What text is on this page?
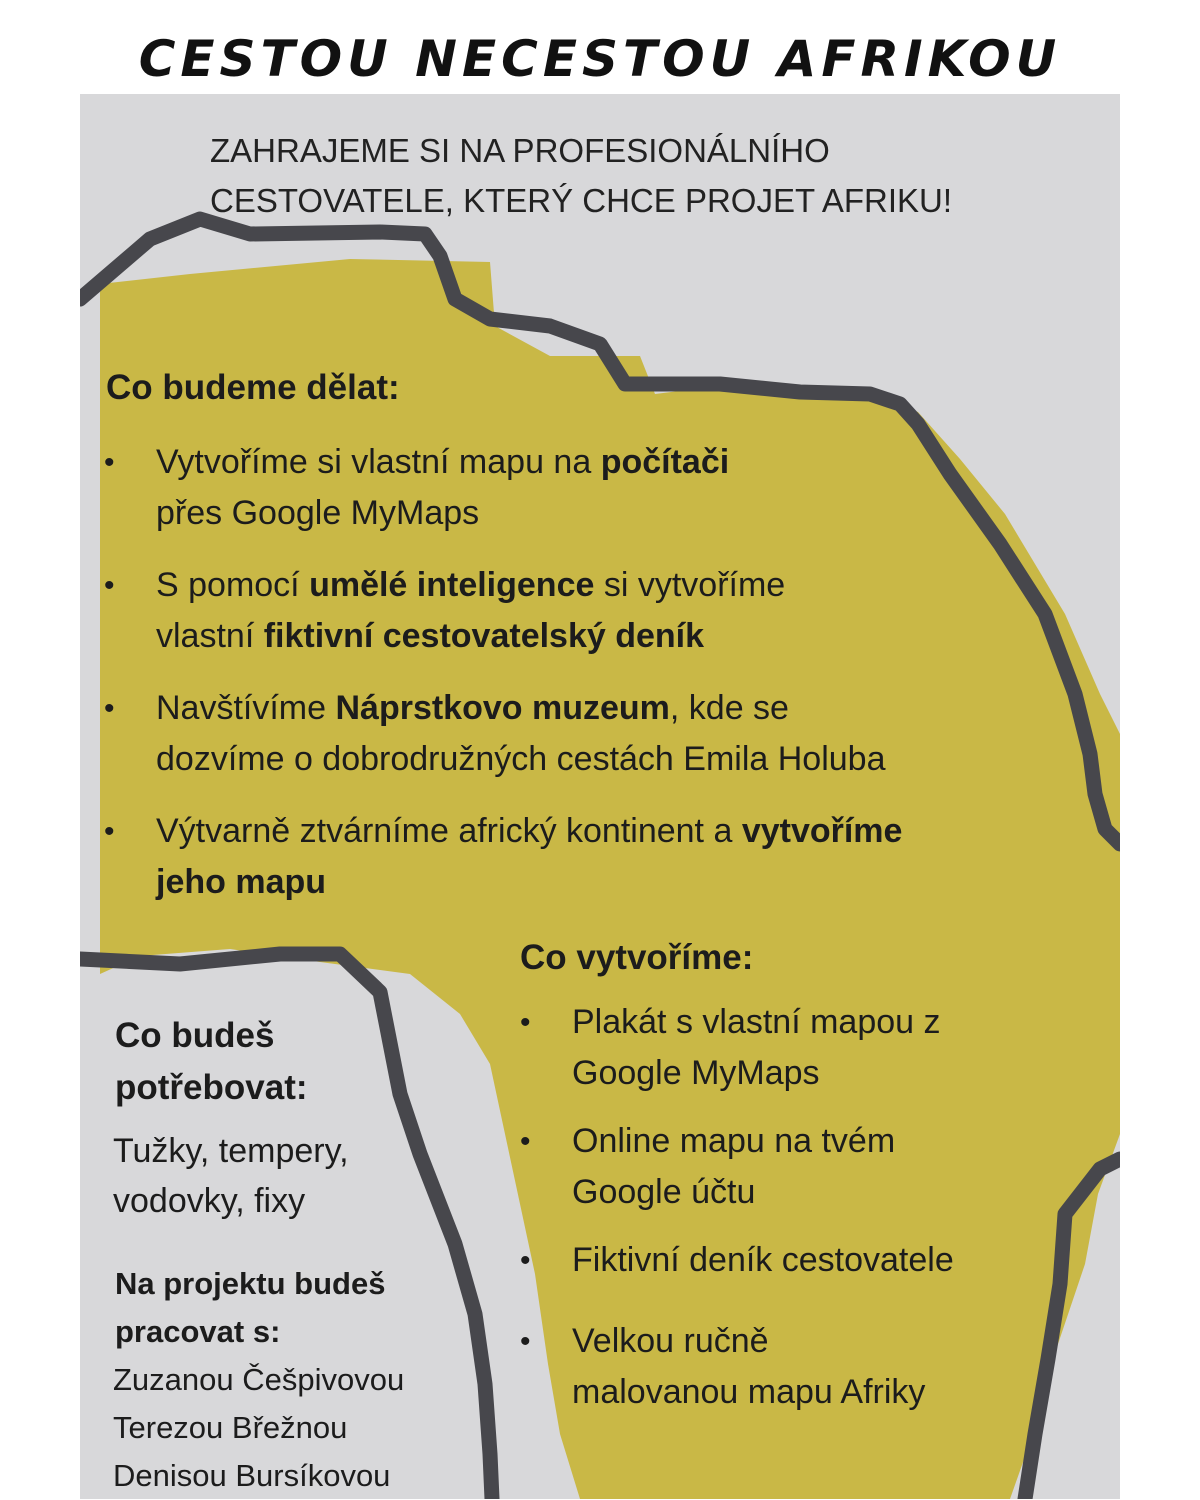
CESTOU NECESTOU AFRIKOU
ZAHRAJEME SI NA PROFESIONÁLNÍHO
CESTOVATELE, KTERÝ CHCE PROJET AFRIKU!
Co budeme dělat:
• Vytvoříme si vlastní mapu na počítači
přes Google MyMaps
• S pomocí umělé inteligence si vytvoříme
vlastní fiktivní cestovatelský deník
• Navštívíme Náprstkovo muzeum, kde se
dozvíme o dobrodružných cestách Emila Holuba
• Výtvarně ztvárníme africký kontinent a vytvoříme
jeho mapu
Co vytvoříme:
• Plakát s vlastní mapou z
Google MyMaps
• Online mapu na tvém
Google účtu
• Fiktivní deník cestovatele
• Velkou ručně
malovanou mapu Afriky
Co budeš
potřebovat:
Tužky, tempery,
vodovky, fixy
Na projektu budeš
pracovat s:
Zuzanou Češpivovou
Terezou Břežnou
Denisou Bursíkovou
